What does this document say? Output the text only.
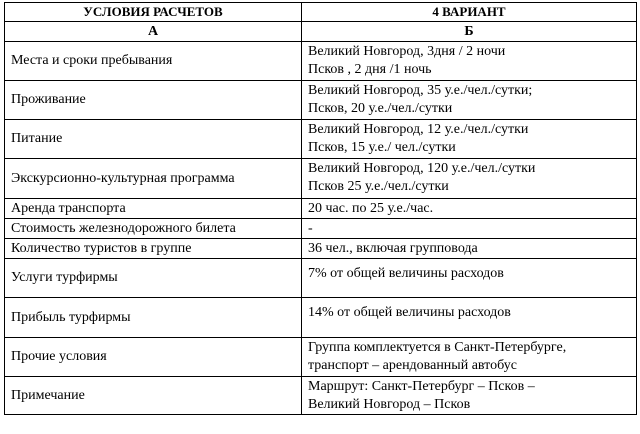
УСЛОВИЯ РАСЧЕТОВ	4 ВАРИАНТ
А	Б
Места и сроки пребывания	Великий Новгород, 3дня / 2 ночи
Псков , 2 дня /1 ночь

Проживание	Великий Новгород, 35 у.е./чел./сутки;
Псков, 20 у.е./чел./сутки

Питание	Великий Новгород, 12 у.е./чел./сутки
Псков, 15 у.е./ чел./сутки

Экскурсионно-культурная программа	Великий Новгород, 120 у.е./чел./сутки
Псков 25 у.е./чел./сутки

Аренда транспорта	20 час. по 25 у.е./час.

Стоимость железнодорожного билета	-

Количество туристов в группе	36 чел., включая групповода

Услуги турфирмы	7% от общей величины расходов

Прибыль турфирмы	14% от общей величины расходов

Прочие условия	Группа комплектуется в Санкт-Петербурге,
транспорт – арендованный автобус

Примечание	Маршрут: Санкт-Петербург – Псков –
Великий Новгород – Псков
